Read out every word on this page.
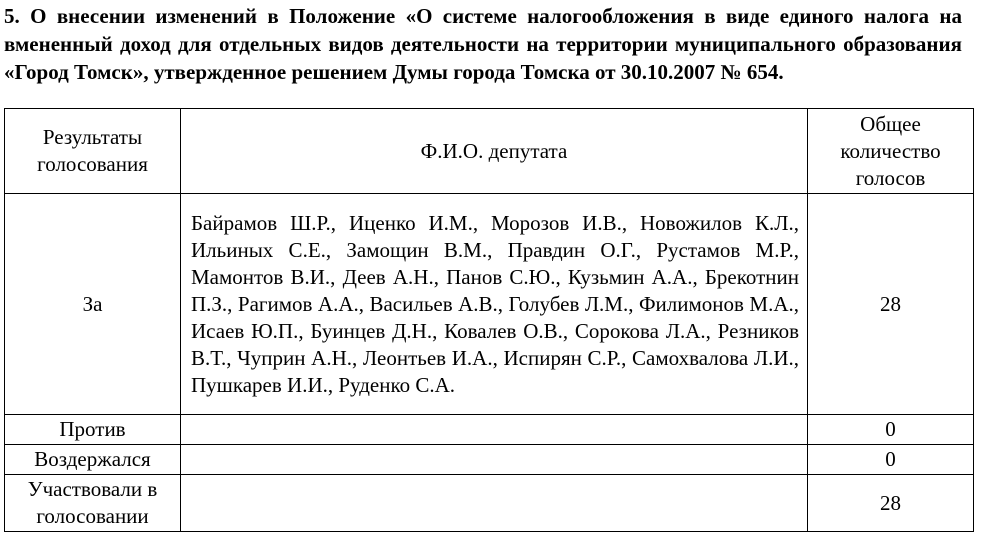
5. О внесении изменений в Положение «О системе налогообложения в виде единого налога на вмененный доход для отдельных видов деятельности на территории муниципального образования «Город Томск», утвержденное решением Думы города Томска от 30.10.2007 № 654.
Результаты голосования	Ф.И.О. депутата	Общее количество голосов
За	Байрамов Ш.Р., Иценко И.М., Морозов И.В., Новожилов К.Л., Ильиных С.Е., Замощин В.М., Правдин О.Г., Рустамов М.Р., Мамонтов В.И., Деев А.Н., Панов С.Ю., Кузьмин А.А., Брекотнин П.З., Рагимов А.А., Васильев А.В., Голубев Л.М., Филимонов М.А., Исаев Ю.П., Буинцев Д.Н., Ковалев О.В., Сорокова Л.А., Резников В.Т., Чуприн А.Н., Леонтьев И.А., Испирян С.Р., Самохвалова Л.И., Пушкарев И.И., Руденко С.А.	28
Против		0
Воздержался		0
Участвовали в голосовании		28
